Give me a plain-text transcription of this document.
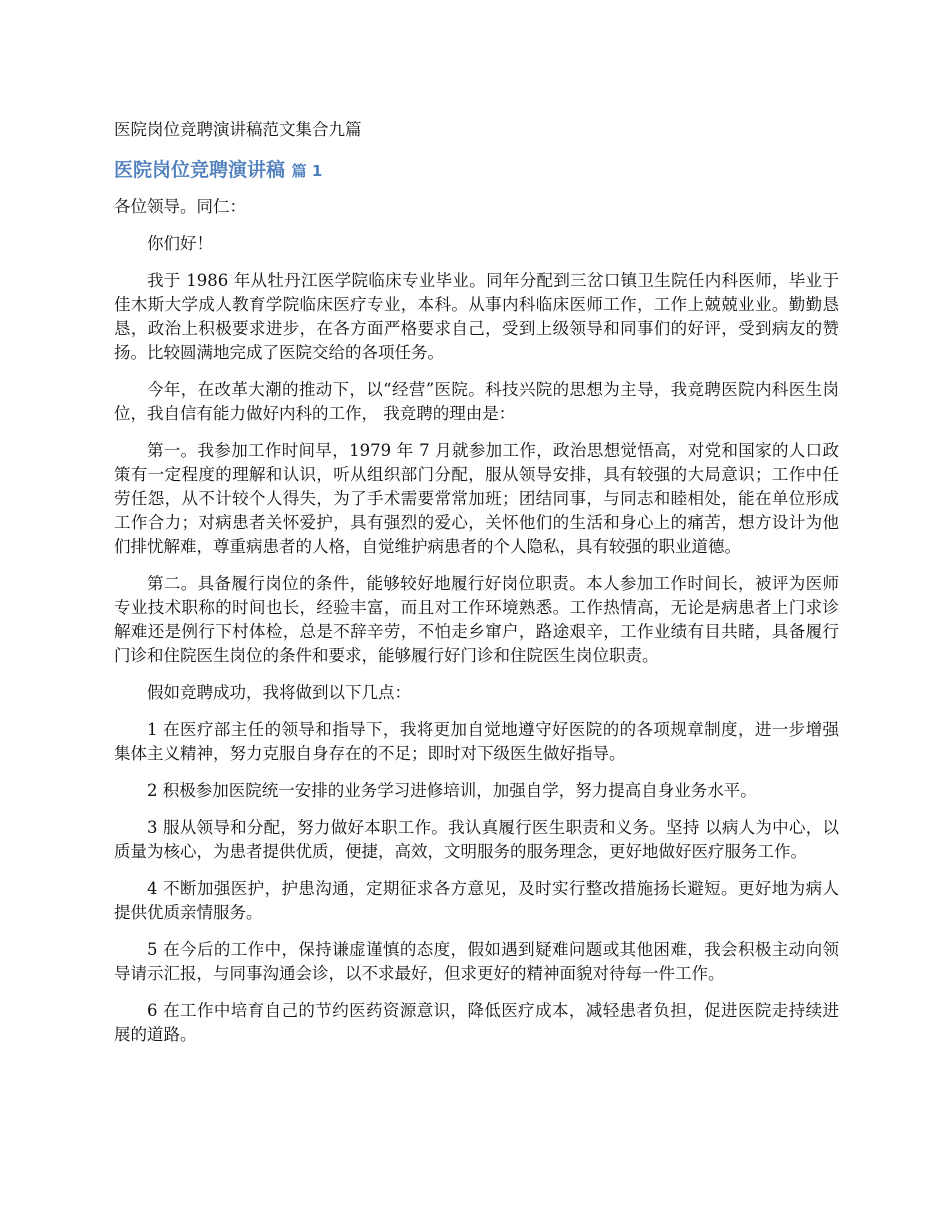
医院岗位竞聘演讲稿范文集合九篇
医院岗位竞聘演讲稿 篇 1

各位领导。同仁：

你们好！

我于 1986 年从牡丹江医学院临床专业毕业。同年分配到三岔口镇卫生院任内科医师，毕业于佳木斯大学成人教育学院临床医疗专业，本科。从事内科临床医师工作，工作上兢兢业业。勤勤恳恳，政治上积极要求进步，在各方面严格要求自己，受到上级领导和同事们的好评，受到病友的赞扬。比较圆满地完成了医院交给的各项任务。

今年，在改革大潮的推动下，以“经营”医院。科技兴院的思想为主导，我竞聘医院内科医生岗位，我自信有能力做好内科的工作， 我竞聘的理由是：

第一。我参加工作时间早，1979 年 7 月就参加工作，政治思想觉悟高，对党和国家的人口政策有一定程度的理解和认识，听从组织部门分配，服从领导安排，具有较强的大局意识；工作中任劳任怨，从不计较个人得失，为了手术需要常常加班；团结同事，与同志和睦相处，能在单位形成工作合力；对病患者关怀爱护，具有强烈的爱心，关怀他们的生活和身心上的痛苦，想方设计为他们排忧解难，尊重病患者的人格，自觉维护病患者的个人隐私，具有较强的职业道德。

第二。具备履行岗位的条件，能够较好地履行好岗位职责。本人参加工作时间长，被评为医师专业技术职称的时间也长，经验丰富，而且对工作环境熟悉。工作热情高，无论是病患者上门求诊解难还是例行下村体检，总是不辞辛劳，不怕走乡窜户，路途艰辛，工作业绩有目共睹，具备履行门诊和住院医生岗位的条件和要求，能够履行好门诊和住院医生岗位职责。

假如竞聘成功，我将做到以下几点：

1 在医疗部主任的领导和指导下，我将更加自觉地遵守好医院的的各项规章制度，进一步增强集体主义精神，努力克服自身存在的不足；即时对下级医生做好指导。

2 积极参加医院统一安排的业务学习进修培训，加强自学，努力提高自身业务水平。

3 服从领导和分配，努力做好本职工作。我认真履行医生职责和义务。坚持 以病人为中心，以质量为核心，为患者提供优质，便捷，高效，文明服务的服务理念，更好地做好医疗服务工作。

4 不断加强医护，护患沟通，定期征求各方意见，及时实行整改措施扬长避短。更好地为病人提供优质亲情服务。

5 在今后的工作中，保持谦虚谨慎的态度，假如遇到疑难问题或其他困难，我会积极主动向领导请示汇报，与同事沟通会诊，以不求最好，但求更好的精神面貌对待每一件工作。

6 在工作中培育自己的节约医药资源意识，降低医疗成本，减轻患者负担，促进医院走持续进展的道路。
